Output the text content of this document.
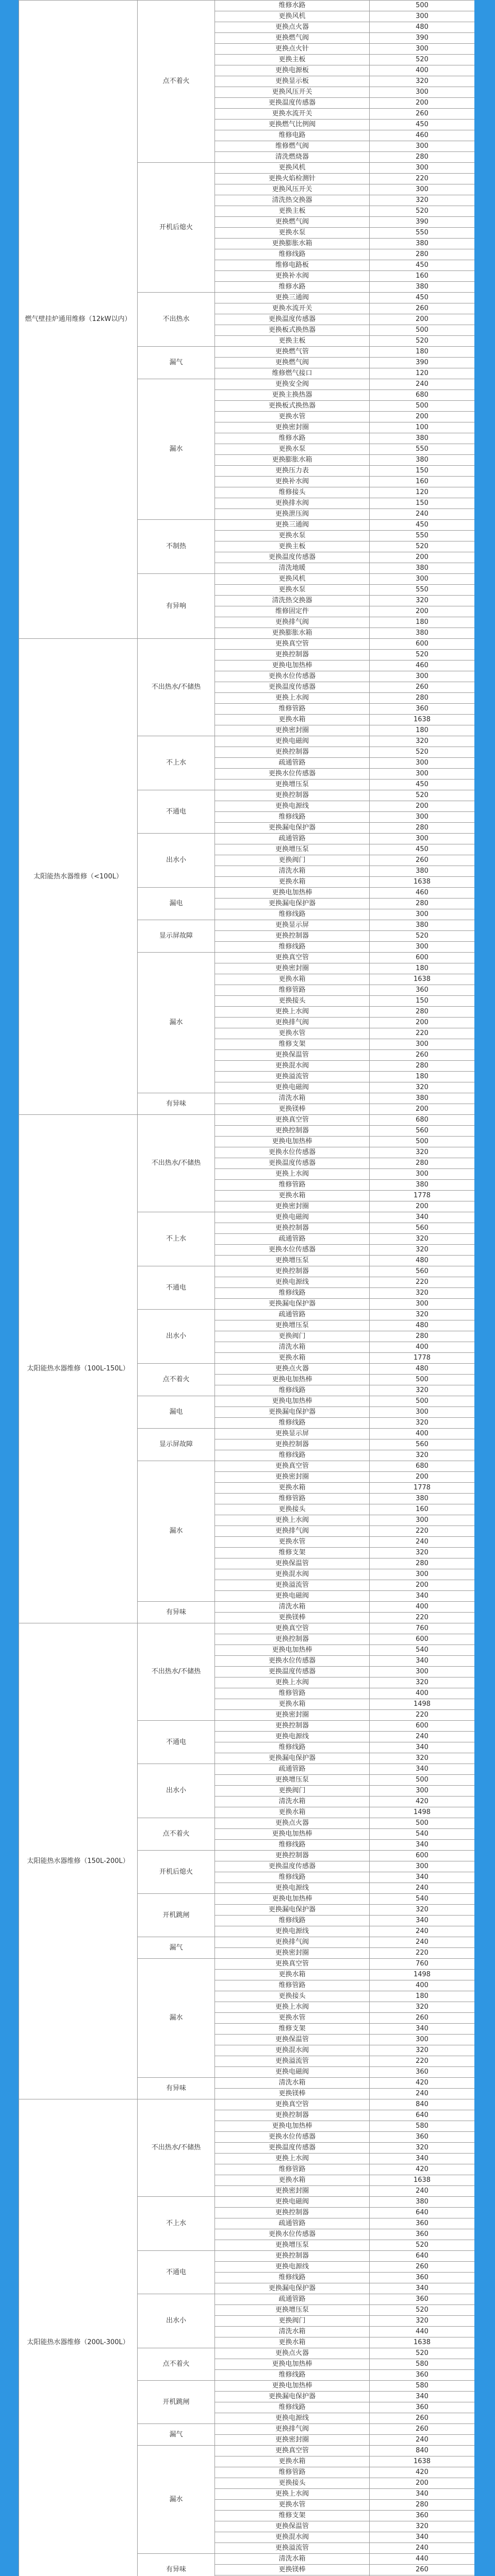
燃气壁挂炉通用维修（12kW以内）	点不着火	维修水路	500
		更换风机	300
		更换点火器	480
		更换燃气阀	390
		更换点火针	300
		更换主板	520
		更换电源板	400
		更换显示板	320
		更换风压开关	300
		更换温度传感器	200
		更换水流开关	260
		更换燃气比例阀	450
		维修电路	460
		维修燃气阀	300
		清洗燃烧器	280
	开机后熄火	更换风机	300
		更换火焰检测针	220
		更换风压开关	300
		清洗热交换器	320
		更换主板	520
		更换燃气阀	390
		更换水泵	550
		更换膨胀水箱	380
		维修线路	280
		维修电路板	450
		更换补水阀	160
		维修水路	380
	不出热水	更换三通阀	450
		更换水流开关	260
		更换温度传感器	200
		更换板式换热器	500
		更换主板	520
	漏气	更换燃气管	180
		更换燃气阀	390
		维修燃气接口	120
	漏水	更换安全阀	240
		更换主换热器	680
		更换板式换热器	500
		更换水管	200
		更换密封圈	100
		维修水路	380
		更换水泵	550
		更换膨胀水箱	380
		更换压力表	150
		更换补水阀	160
		维修接头	120
		更换排水阀	150
		更换泄压阀	240
	不制热	更换三通阀	450
		更换水泵	550
		更换主板	520
		更换温度传感器	200
		清洗地暖	380
	有异响	更换风机	300
		更换水泵	550
		清洗热交换器	320
		维修固定件	200
		更换排气阀	180
		更换膨胀水箱	380
太阳能热水器维修（<100L）	不出热水/不储热	更换真空管	600
		更换控制器	520
		更换电加热棒	460
		更换水位传感器	300
		更换温度传感器	260
		更换上水阀	280
		维修管路	360
		更换水箱	1638
		更换密封圈	180
	不上水	更换电磁阀	320
		更换控制器	520
		疏通管路	300
		更换水位传感器	300
		更换增压泵	450
	不通电	更换控制器	520
		更换电源线	200
		维修线路	300
		更换漏电保护器	280
	出水小	疏通管路	300
		更换增压泵	450
		更换阀门	260
		清洗水箱	380
		更换水箱	1638
	漏电	更换电加热棒	460
		更换漏电保护器	280
		维修线路	300
	显示屏故障	更换显示屏	380
		更换控制器	520
		维修线路	300
	漏水	更换真空管	600
		更换密封圈	180
		更换水箱	1638
		维修管路	360
		更换接头	150
		更换上水阀	280
		更换排气阀	200
		更换水管	220
		维修支架	300
		更换保温管	260
		更换混水阀	280
		更换溢流管	180
		更换电磁阀	320
	有异味	清洗水箱	380
		更换镁棒	200
太阳能热水器维修（100L-150L）	不出热水/不储热	更换真空管	680
		更换控制器	560
		更换电加热棒	500
		更换水位传感器	320
		更换温度传感器	280
		更换上水阀	300
		维修管路	380
		更换水箱	1778
		更换密封圈	200
	不上水	更换电磁阀	340
		更换控制器	560
		疏通管路	320
		更换水位传感器	320
		更换增压泵	480
	不通电	更换控制器	560
		更换电源线	220
		维修线路	320
		更换漏电保护器	300
	出水小	疏通管路	320
		更换增压泵	480
		更换阀门	280
		清洗水箱	400
		更换水箱	1778
	点不着火	更换点火器	480
		更换电加热棒	500
		维修线路	320
	漏电	更换电加热棒	500
		更换漏电保护器	300
		维修线路	320
	显示屏故障	更换显示屏	400
		更换控制器	560
		维修线路	320
	漏水	更换真空管	680
		更换密封圈	200
		更换水箱	1778
		维修管路	380
		更换接头	160
		更换上水阀	300
		更换排气阀	220
		更换水管	240
		维修支架	320
		更换保温管	280
		更换混水阀	300
		更换溢流管	200
		更换电磁阀	340
	有异味	清洗水箱	400
		更换镁棒	220
太阳能热水器维修（150L-200L）	不出热水/不储热	更换真空管	760
		更换控制器	600
		更换电加热棒	540
		更换水位传感器	340
		更换温度传感器	300
		更换上水阀	320
		维修管路	400
		更换水箱	1498
		更换密封圈	220
	不通电	更换控制器	600
		更换电源线	240
		维修线路	340
		更换漏电保护器	320
	出水小	疏通管路	340
		更换增压泵	500
		更换阀门	300
		清洗水箱	420
		更换水箱	1498
	点不着火	更换点火器	500
		更换电加热棒	540
		维修线路	340
	开机后熄火	更换控制器	600
		更换温度传感器	300
		维修线路	340
		更换电源线	240
	开机跳闸	更换电加热棒	540
		更换漏电保护器	320
		维修线路	340
		更换电源线	240
	漏气	更换排气阀	240
		更换密封圈	220
	漏水	更换真空管	760
		更换水箱	1498
		维修管路	400
		更换接头	180
		更换上水阀	320
		更换水管	260
		维修支架	340
		更换保温管	300
		更换混水阀	320
		更换溢流管	220
		更换电磁阀	360
	有异味	清洗水箱	420
		更换镁棒	240
太阳能热水器维修（200L-300L）	不出热水/不储热	更换真空管	840
		更换控制器	640
		更换电加热棒	580
		更换水位传感器	360
		更换温度传感器	320
		更换上水阀	340
		维修管路	420
		更换水箱	1638
		更换密封圈	240
	不上水	更换电磁阀	380
		更换控制器	640
		疏通管路	360
		更换水位传感器	360
		更换增压泵	520
	不通电	更换控制器	640
		更换电源线	260
		维修线路	360
		更换漏电保护器	340
	出水小	疏通管路	360
		更换增压泵	520
		更换阀门	320
		清洗水箱	440
		更换水箱	1638
	点不着火	更换点火器	520
		更换电加热棒	580
		维修线路	360
	开机跳闸	更换电加热棒	580
		更换漏电保护器	340
		维修线路	360
		更换电源线	260
	漏气	更换排气阀	260
		更换密封圈	240
	漏水	更换真空管	840
		更换水箱	1638
		维修管路	420
		更换接头	200
		更换上水阀	340
		更换水管	280
		维修支架	360
		更换保温管	320
		更换混水阀	340
		更换溢流管	240
	有异味	清洗水箱	440
		更换镁棒	260
